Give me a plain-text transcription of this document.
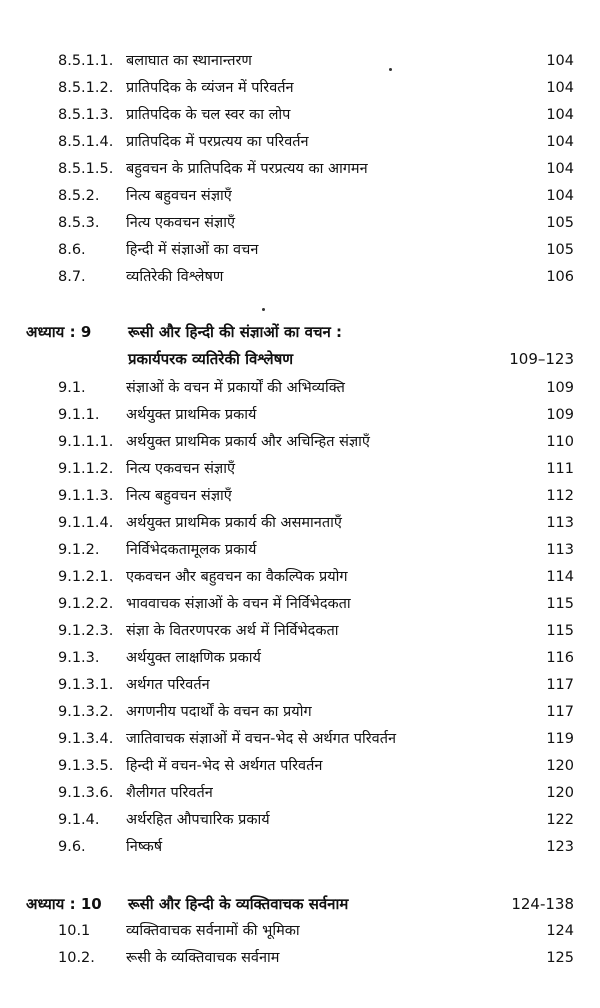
8.5.1.1. बलाघात का स्थानान्तरण	104
8.5.1.2. प्रातिपदिक के व्यंजन में परिवर्तन	104
8.5.1.3. प्रातिपदिक के चल स्वर का लोप	104
8.5.1.4. प्रातिपदिक में परप्रत्यय का परिवर्तन	104
8.5.1.5. बहुवचन के प्रातिपदिक में परप्रत्यय का आगमन	104
8.5.2. नित्य बहुवचन संज्ञाएँ	104
8.5.3. नित्य एकवचन संज्ञाएँ	105
8.6.	हिन्दी में संज्ञाओं का वचन	105
8.7.	व्यतिरेकी विश्लेषण	106
अध्याय : 9 रूसी और हिन्दी की संज्ञाओं का वचन :
प्रकार्यपरक व्यतिरेकी विश्लेषण	109–123
9.1.	संज्ञाओं के वचन में प्रकार्यों की अभिव्यक्ति	109
9.1.1. अर्थयुक्त प्राथमिक प्रकार्य	109
9.1.1.1. अर्थयुक्त प्राथमिक प्रकार्य और अचिन्हित संज्ञाएँ	110
9.1.1.2. नित्य एकवचन संज्ञाएँ	111
9.1.1.3. नित्य बहुवचन संज्ञाएँ	112
9.1.1.4. अर्थयुक्त प्राथमिक प्रकार्य की असमानताएँ	113
9.1.2. निर्विभेदकतामूलक प्रकार्य	113
9.1.2.1. एकवचन और बहुवचन का वैकल्पिक प्रयोग	114
9.1.2.2. भाववाचक संज्ञाओं के वचन में निर्विभेदकता	115
9.1.2.3. संज्ञा के वितरणपरक अर्थ में निर्विभेदकता	115
9.1.3. अर्थयुक्त लाक्षणिक प्रकार्य	116
9.1.3.1. अर्थगत परिवर्तन	117
9.1.3.2. अगणनीय पदार्थों के वचन का प्रयोग	117
9.1.3.4. जातिवाचक संज्ञाओं में वचन-भेद से अर्थगत परिवर्तन	119
9.1.3.5. हिन्दी में वचन-भेद से अर्थगत परिवर्तन	120
9.1.3.6. शैलीगत परिवर्तन	120
9.1.4. अर्थरहित औपचारिक प्रकार्य	122
9.6.	निष्कर्ष	123
अध्याय : 10 रूसी और हिन्दी के व्यक्तिवाचक सर्वनाम	124-138
10.1 व्यक्तिवाचक सर्वनामों की भूमिका	124
10.2. रूसी के व्यक्तिवाचक सर्वनाम	125
